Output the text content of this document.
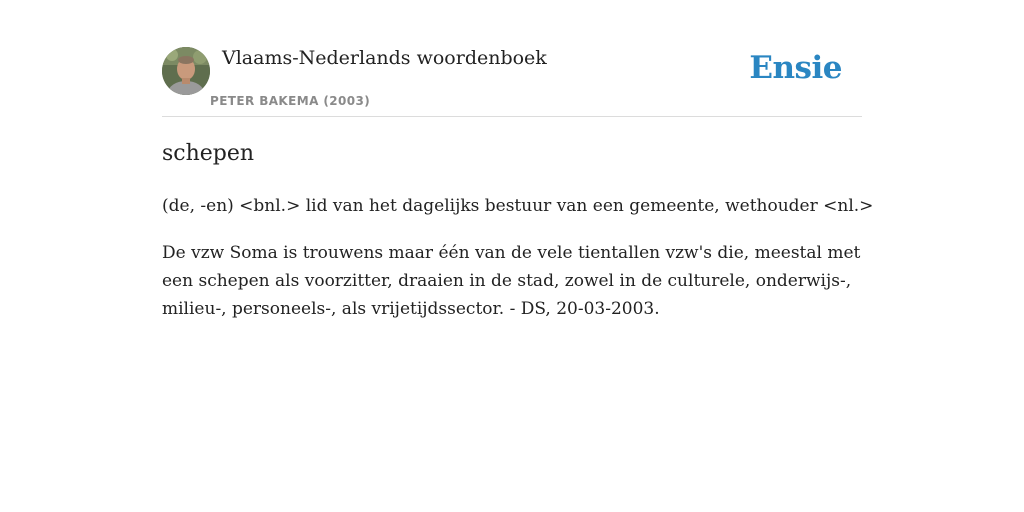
Vlaams-Nederlands woordenboek
PETER BAKEMA (2003)
Ensie
schepen

(de, -en) <bnl.> lid van het dagelijks bestuur van een gemeente, wethouder <nl.>

De vzw Soma is trouwens maar één van de vele tientallen vzw's die, meestal met een schepen als voorzitter, draaien in de stad, zowel in de culturele, onderwijs-, milieu-, personeels-, als vrijetijdssector. - DS, 20-03-2003.
